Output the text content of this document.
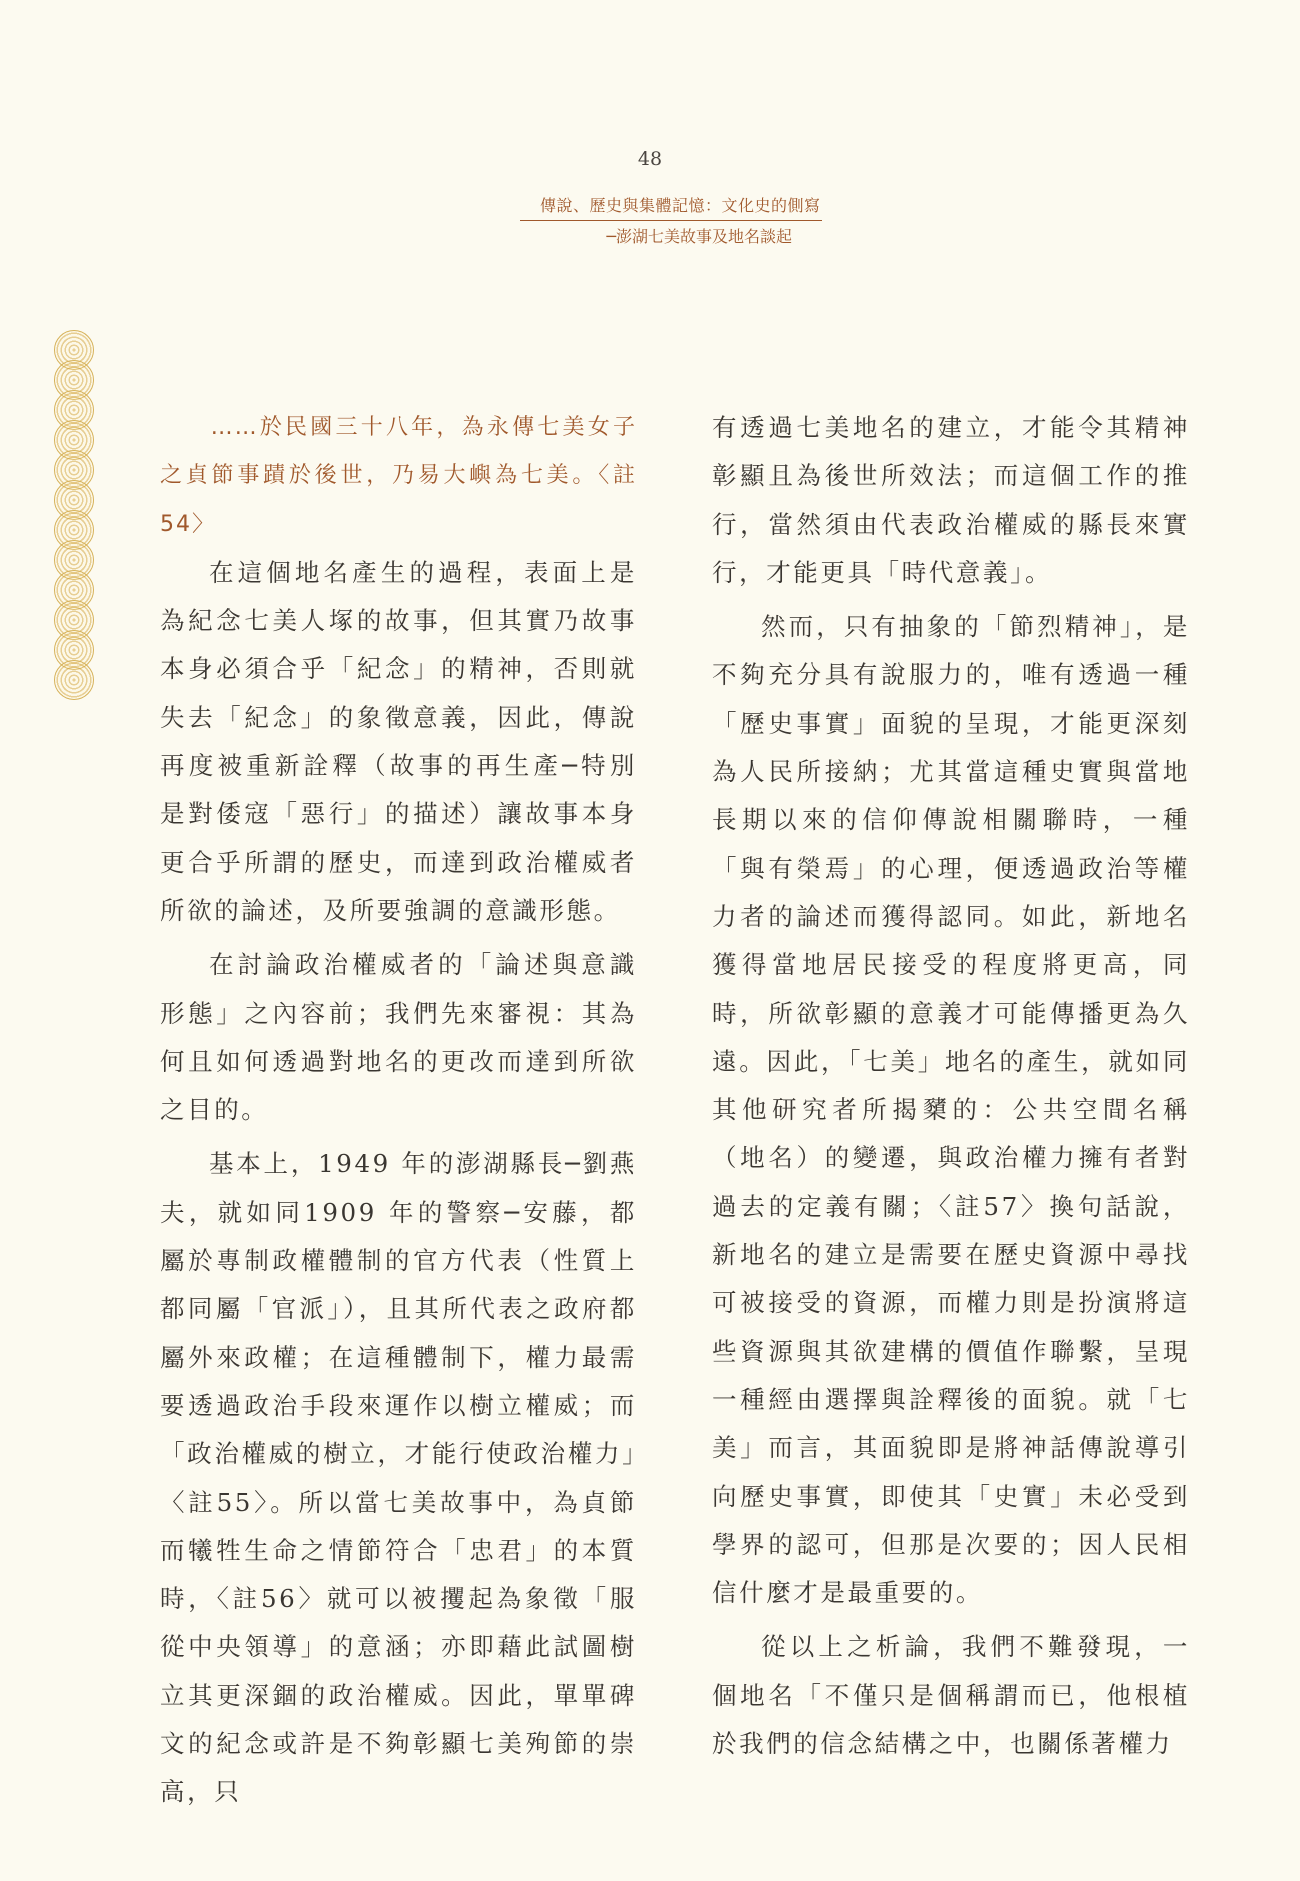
48
傳說、歷史與集體記憶：文化史的側寫
─澎湖七美故事及地名談起

……於民國三十八年，為永傳七美女子之貞節事蹟於後世，乃易大嶼為七美。〈註54〉

在這個地名產生的過程，表面上是為紀念七美人塚的故事，但其實乃故事本身必須合乎「紀念」的精神，否則就失去「紀念」的象徵意義，因此，傳說再度被重新詮釋（故事的再生產─特別是對倭寇「惡行」的描述）讓故事本身更合乎所謂的歷史，而達到政治權威者所欲的論述，及所要強調的意識形態。

在討論政治權威者的「論述與意識形態」之內容前；我們先來審視：其為何且如何透過對地名的更改而達到所欲之目的。

基本上，1949 年的澎湖縣長─劉燕夫，就如同1909 年的警察─安藤，都屬於專制政權體制的官方代表（性質上都同屬「官派」），且其所代表之政府都屬外來政權；在這種體制下，權力最需要透過政治手段來運作以樹立權威；而「政治權威的樹立，才能行使政治權力」〈註55〉。所以當七美故事中，為貞節而犧牲生命之情節符合「忠君」的本質時，〈註56〉就可以被攫起為象徵「服從中央領導」的意涵；亦即藉此試圖樹立其更深錮的政治權威。因此，單單碑文的紀念或許是不夠彰顯七美殉節的崇高，只

有透過七美地名的建立，才能令其精神彰顯且為後世所效法；而這個工作的推行，當然須由代表政治權威的縣長來實行，才能更具「時代意義」。

然而，只有抽象的「節烈精神」，是不夠充分具有說服力的，唯有透過一種「歷史事實」面貌的呈現，才能更深刻為人民所接納；尤其當這種史實與當地長期以來的信仰傳說相關聯時，一種「與有榮焉」的心理，便透過政治等權力者的論述而獲得認同。如此，新地名獲得當地居民接受的程度將更高，同時，所欲彰顯的意義才可能傳播更為久遠。因此，「七美」地名的產生，就如同其他研究者所揭櫫的：公共空間名稱（地名）的變遷，與政治權力擁有者對過去的定義有關；〈註57〉換句話說，新地名的建立是需要在歷史資源中尋找可被接受的資源，而權力則是扮演將這些資源與其欲建構的價值作聯繫，呈現一種經由選擇與詮釋後的面貌。就「七美」而言，其面貌即是將神話傳說導引向歷史事實，即使其「史實」未必受到學界的認可，但那是次要的；因人民相信什麼才是最重要的。

從以上之析論，我們不難發現，一個地名「不僅只是個稱謂而已，他根植於我們的信念結構之中，也關係著權力
